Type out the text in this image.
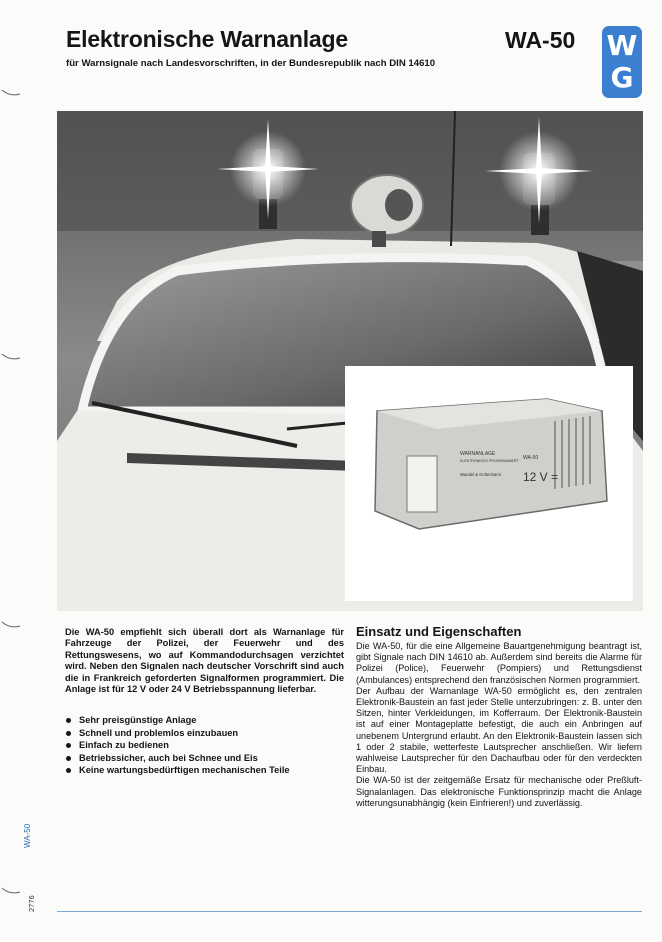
Elektronische Warnanlage	WA-50
für Warnsignale nach Landesvorschriften, in der Bundesrepublik nach DIN 14610
W
G
WARNANLAGE
ELEKTRONISCH PROGRAMMIERT
Wandel & Goltermann
WA-50
12 V =
Die WA-50 empfiehlt sich überall dort als Warnanlage für Fahrzeuge der Polizei, der Feuerwehr und des Rettungswesens, wo auf Kommandodurchsagen verzichtet wird. Neben den Signalen nach deutscher Vorschrift sind auch die in Frankreich geforderten Signalformen programmiert. Die Anlage ist für 12 V oder 24 V Betriebsspannung lieferbar.
Sehr preisgünstige Anlage
Schnell und problemlos einzubauen
Einfach zu bedienen
Betriebssicher, auch bei Schnee und Eis
Keine wartungsbedürftigen mechanischen Teile
Einsatz und Eigenschaften

Die WA-50, für die eine Allgemeine Bauartgenehmigung beantragt ist, gibt Signale nach DIN 14610 ab. Außerdem sind bereits die Alarme für Polizei (Police), Feuerwehr (Pompiers) und Rettungsdienst (Ambulances) entsprechend den französischen Normen programmiert.

Der Aufbau der Warnanlage WA-50 ermöglicht es, den zentralen Elektronik-Baustein an fast jeder Stelle unterzubringen: z. B. unter den Sitzen, hinter Verkleidungen, im Kofferraum. Der Elektronik-Baustein ist auf einer Montageplatte befestigt, die auch ein Anbringen auf unebenem Untergrund erlaubt. An den Elektronik-Baustein lassen sich 1 oder 2 stabile, wetterfeste Lautsprecher anschließen. Wir liefern wahlweise Lautsprecher für den Dachaufbau oder für den verdeckten Einbau.

Die WA-50 ist der zeitgemäße Ersatz für mechanische oder Preßluft-Signalanlagen. Das elektronische Funktionsprinzip macht die Anlage witterungsunabhängig (kein Einfrieren!) und zuverlässig.

WA-50
2776
